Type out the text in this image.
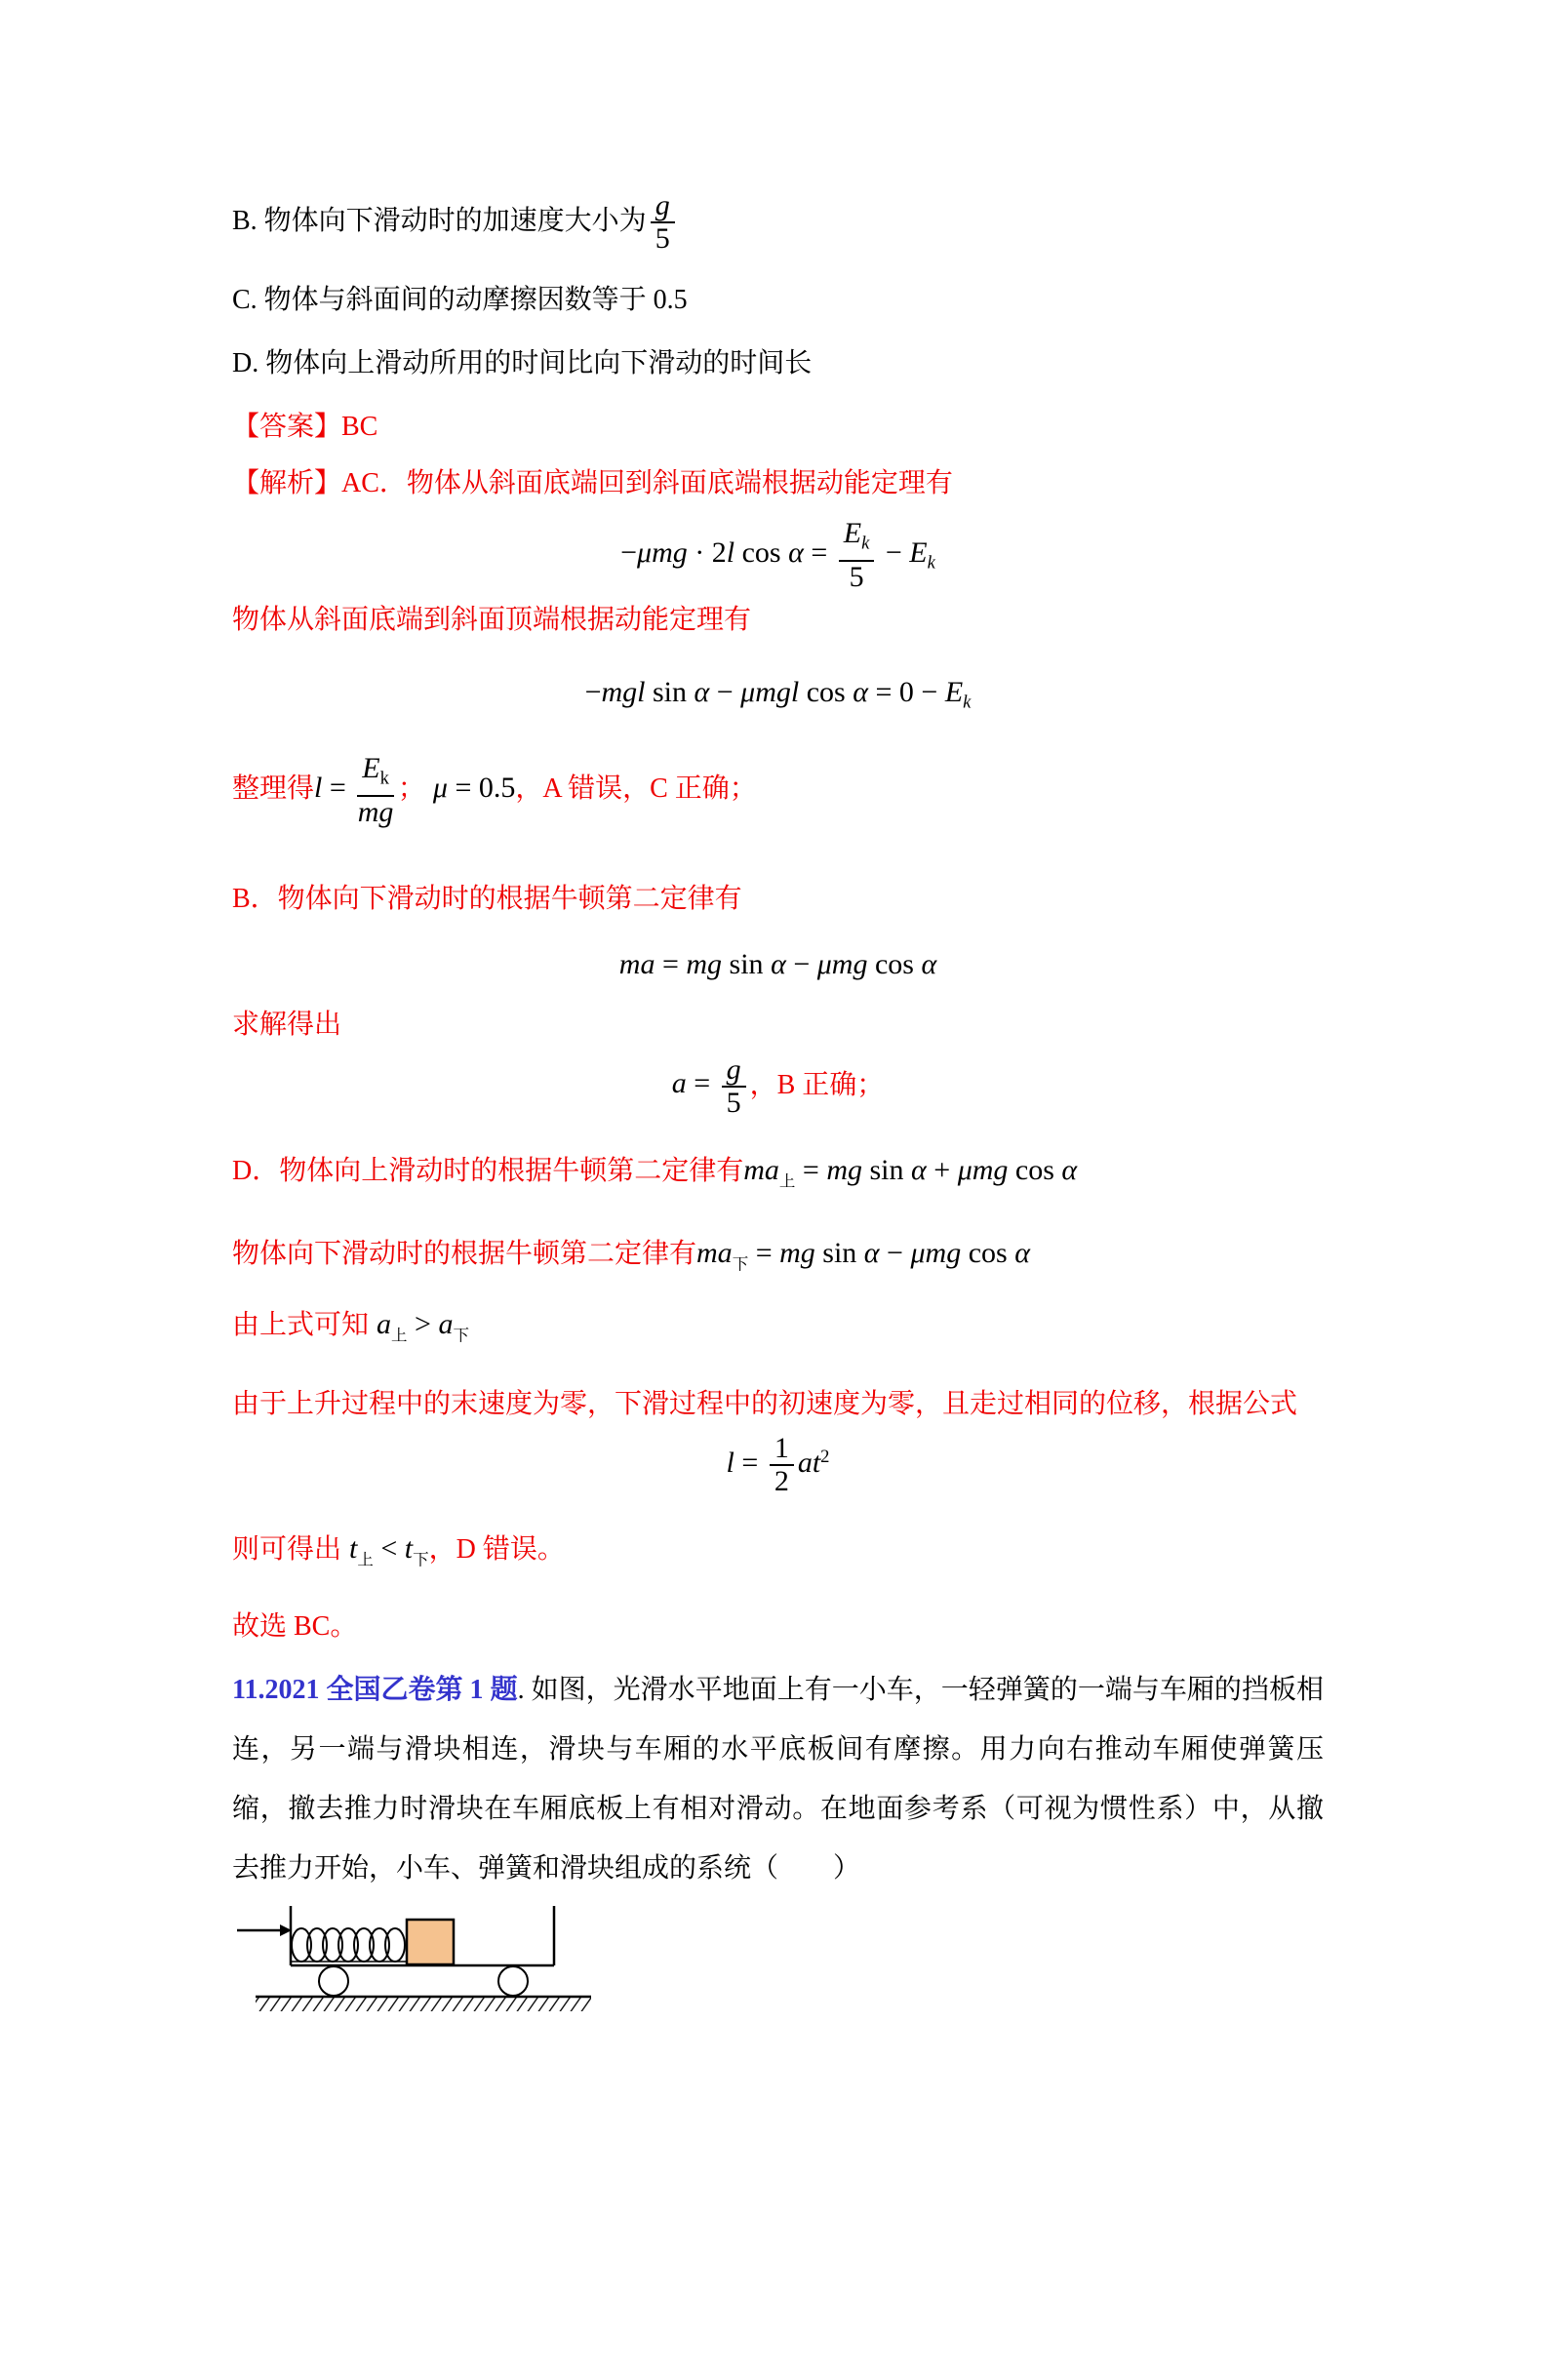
B. 物体向下滑动时的加速度大小为 $\frac{g}{5}$
C. 物体与斜面间的动摩擦因数等于 0.5
D. 物体向上滑动所用的时间比向下滑动的时间长
【答案】BC
【解析】AC．物体从斜面底端回到斜面底端根据动能定理有
−μmg · 2l $\cos \alpha = \frac{E_k}{5} - E_k$
物体从斜面底端到斜面顶端根据动能定理有
−mgl sin α − μmgl $\cos \alpha = 0 - E_k$
整理得$l = \frac{E_k}{mg}$ ； μ = 0.5，A 错误，C 正确；
B．物体向下滑动时的根据牛顿第二定律有
ma = mg sin α − μmg cos α
求解得出
$a = \frac{g}{5}$ ，B 正确；
D．物体向上滑动时的根据牛顿第二定律有$ma_上$ = mg sin α + μmg cos α
物体向下滑动时的根据牛顿第二定律有$ma_下$ = mg sin α − μmg cos α
由上式可知 $a_上 > a_下$
由于上升过程中的末速度为零，下滑过程中的初速度为零，且走过相同的位移，根据公式
$l = \frac{1}{2} at^2$
则可得出 $t_上 < t_下$，D 错误。
故选 BC。

11.2021 全国乙卷第 1 题. 如图，光滑水平地面上有一小车，一轻弹簧的一端与车厢的挡板相连，另一端与滑块相连，滑块与车厢的水平底板间有摩擦。用力向右推动车厢使弹簧压缩，撤去推力时滑块在车厢底板上有相对滑动。在地面参考系（可视为惯性系）中，从撤去推力开始，小车、弹簧和滑块组成的系统（　　）
